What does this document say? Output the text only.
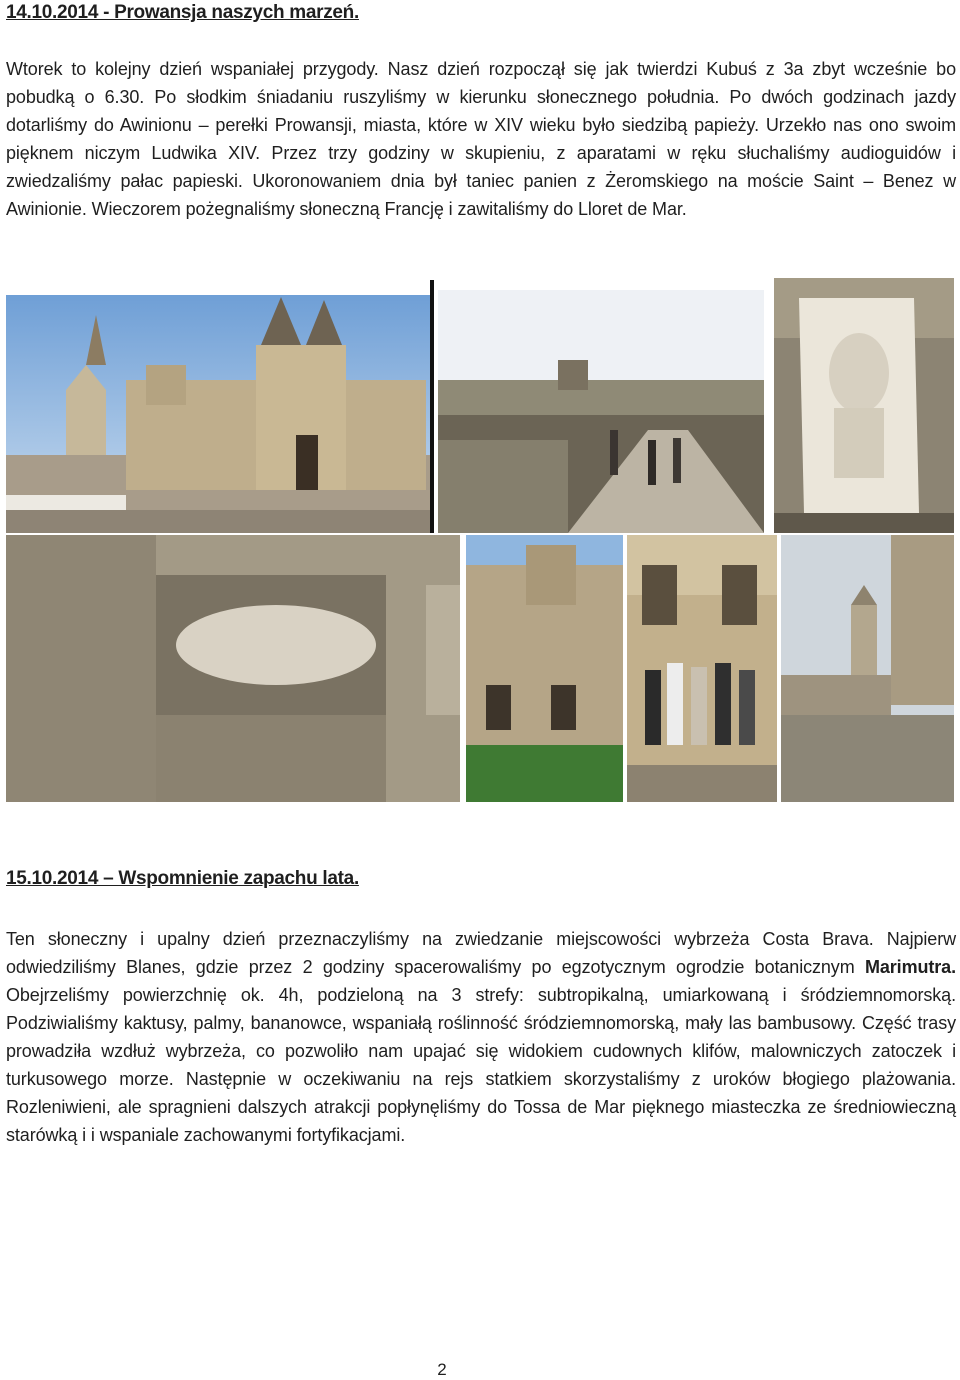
14.10.2014 - Prowansja naszych marzeń.

Wtorek to kolejny dzień wspaniałej przygody. Nasz dzień rozpoczął się jak twierdzi Kubuś z 3a zbyt wcześnie bo pobudką o 6.30. Po słodkim śniadaniu ruszyliśmy w kierunku słonecznego południa. Po dwóch godzinach jazdy dotarliśmy do Awinionu – perełki Prowansji, miasta, które w XIV wieku było siedzibą papieży. Urzekło nas ono swoim pięknem niczym Ludwika XIV. Przez trzy godziny w skupieniu, z aparatami w ręku słuchaliśmy audioguidów i zwiedzaliśmy pałac papieski. Ukoronowaniem dnia był taniec panien z Żeromskiego na moście Saint – Benez w Awinionie. Wieczorem pożegnaliśmy słoneczną Francję i zawitaliśmy do Lloret de Mar.

15.10.2014 – Wspomnienie zapachu lata.

Ten słoneczny i upalny dzień przeznaczyliśmy na zwiedzanie miejscowości wybrzeża Costa Brava. Najpierw odwiedziliśmy Blanes, gdzie przez 2 godziny spacerowaliśmy po egzotycznym ogrodzie botanicznym Marimutra. Obejrzeliśmy powierzchnię ok. 4h, podzieloną na 3 strefy: subtropikalną, umiarkowaną i śródziemnomorską. Podziwialiśmy kaktusy, palmy, bananowce, wspaniałą roślinność śródziemnomorską, mały las bambusowy. Część trasy prowadziła wzdłuż wybrzeża, co pozwoliło nam upajać się widokiem cudownych klifów, malowniczych zatoczek i turkusowego morze. Następnie w oczekiwaniu na rejs statkiem skorzystaliśmy z uroków błogiego plażowania. Rozleniwieni, ale spragnieni dalszych atrakcji popłynęliśmy do Tossa de Mar pięknego miasteczka ze średniowieczną starówką i i wspaniale zachowanymi fortyfikacjami.

2
